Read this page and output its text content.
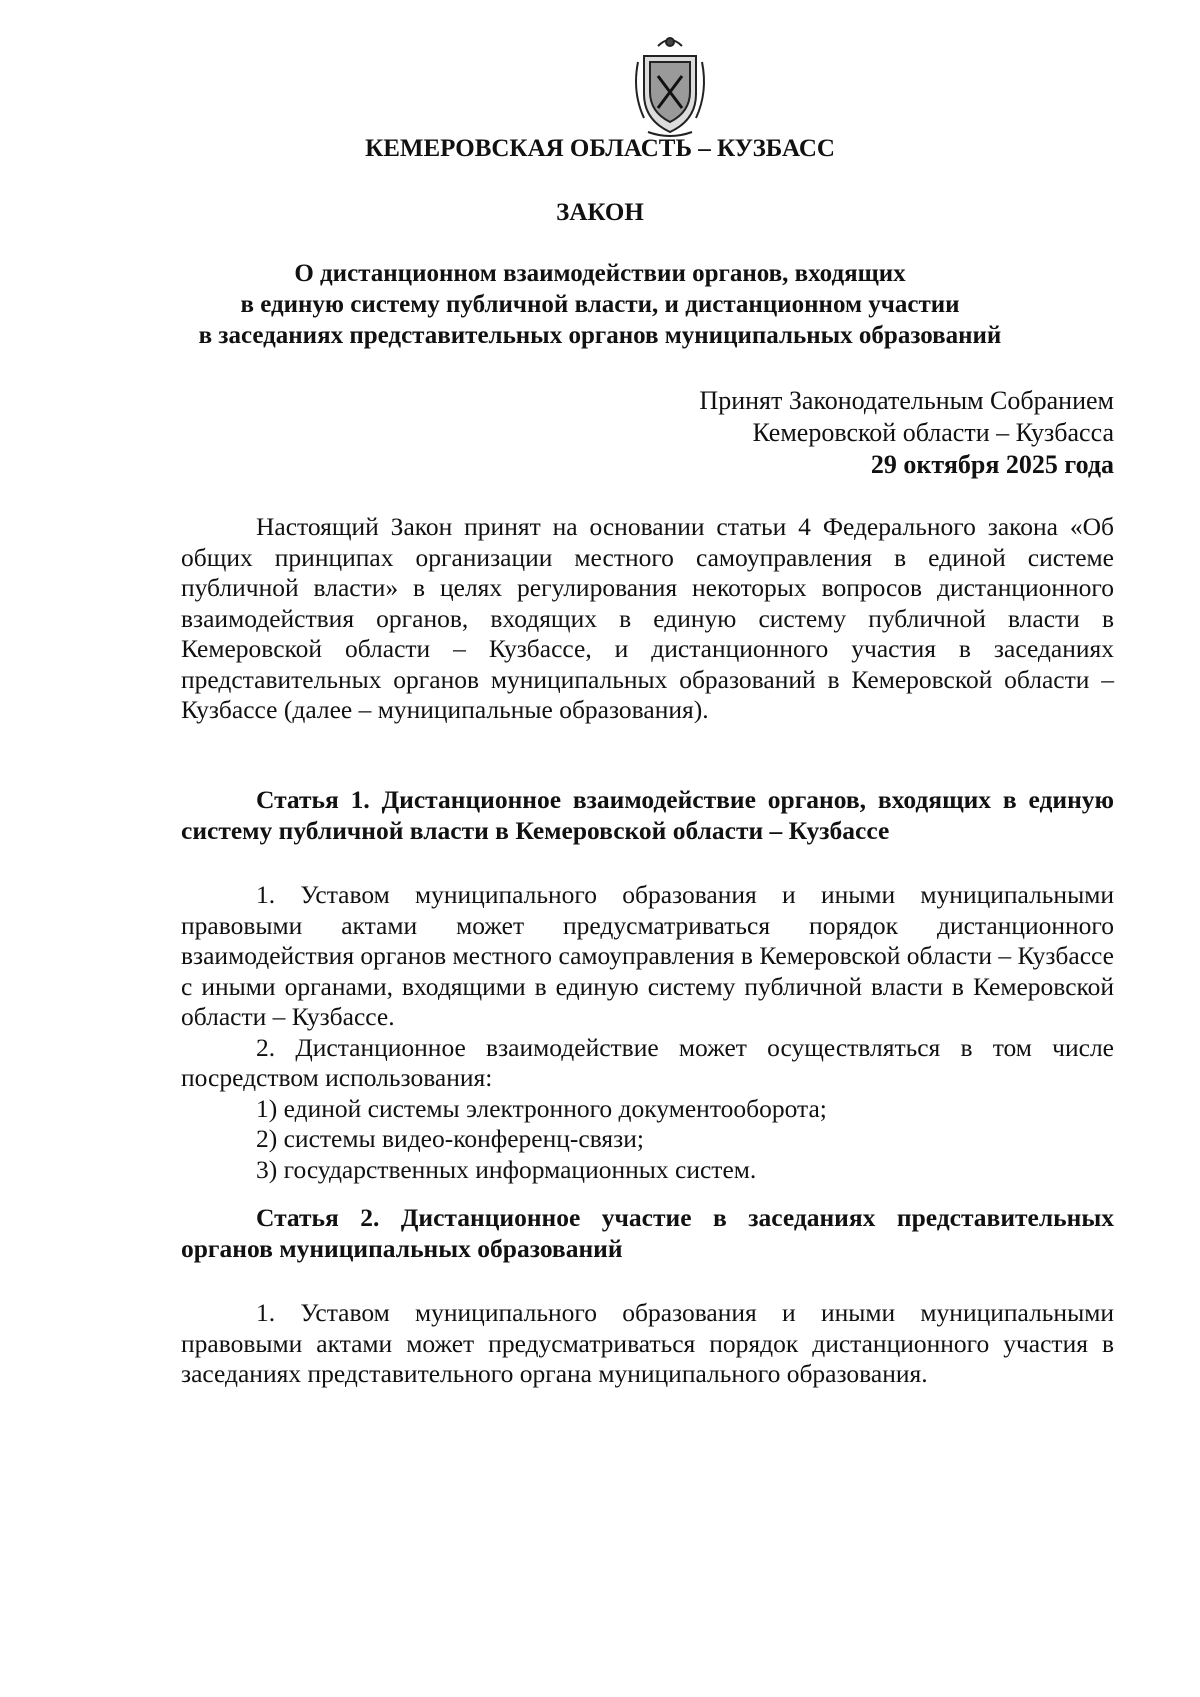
КЕМЕРОВСКАЯ ОБЛАСТЬ – КУЗБАСС
ЗАКОН
О дистанционном взаимодействии органов, входящих
в единую систему публичной власти, и дистанционном участии
в заседаниях представительных органов муниципальных образований
Принят Законодательным Собранием
Кемеровской области – Кузбасса
29 октября 2025 года

Настоящий Закон принят на основании статьи 4 Федерального закона «Об общих принципах организации местного самоуправления в единой системе публичной власти» в целях регулирования некоторых вопросов дистанционного взаимодействия органов, входящих в единую систему публичной власти в Кемеровской области – Кузбассе, и дистанционного участия в заседаниях представительных органов муниципальных образований в Кемеровской области – Кузбассе (далее – муниципальные образования).

Статья 1. Дистанционное взаимодействие органов, входящих в единую систему публичной власти в Кемеровской области – Кузбассе

1. Уставом муниципального образования и иными муниципальными правовыми актами может предусматриваться порядок дистанционного взаимодействия органов местного самоуправления в Кемеровской области – Кузбассе с иными органами, входящими в единую систему публичной власти в Кемеровской области – Кузбассе.

2. Дистанционное взаимодействие может осуществляться в том числе посредством использования:

1) единой системы электронного документооборота;

2) системы видео-конференц-связи;

3) государственных информационных систем.

Статья 2. Дистанционное участие в заседаниях представительных органов муниципальных образований

1. Уставом муниципального образования и иными муниципальными правовыми актами может предусматриваться порядок дистанционного участия в заседаниях представительного органа муниципального образования.
